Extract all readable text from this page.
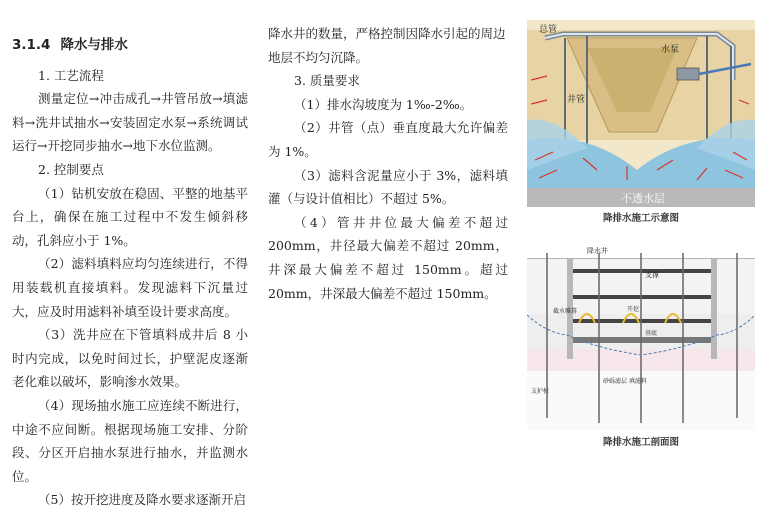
3.1.4 降水与排水
1. 工艺流程
测量定位→冲击成孔→井管吊放→填滤料→洗井试抽水→安装固定水泵→系统调试运行→开挖同步抽水→地下水位监测。
2. 控制要点
（1）钻机安放在稳固、平整的地基平台上，确保在施工过程中不发生倾斜移动，孔斜应小于 1%。
（2）滤料填料应均匀连续进行，不得用装载机直接填料。发现滤料下沉量过大，应及时用滤料补填至设计要求高度。
（3）洗井应在下管填料成井后 8 小时内完成，以免时间过长，护壁泥皮逐渐老化难以破坏，影响渗水效果。
（4）现场抽水施工应连续不断进行，中途不应间断。根据现场施工安排、分阶段、分区开启抽水泵进行抽水，并监测水位。
（5）按开挖进度及降水要求逐渐开启
降水井的数量，严格控制因降水引起的周边地层不均匀沉降。
3. 质量要求
（1）排水沟坡度为 1‰-2‰。
（2）井管（点）垂直度最大允许偏差为 1%。
（3）滤料含泥量应小于 3%，滤料填灌（与设计值相比）不超过 5%。
（4）管井井位最大偏差不超过 200mm，井径最大偏差不超过 20mm，井深最大偏差不超过 150mm。超过 20mm，井深最大偏差不超过 150mm。
总管
水泵
井管
不透水层
降排水施工示意图
降水井
支撑
截水帷幕	开挖
基底
砂砾滤层 填滤料
支护桩
降排水施工剖面图
